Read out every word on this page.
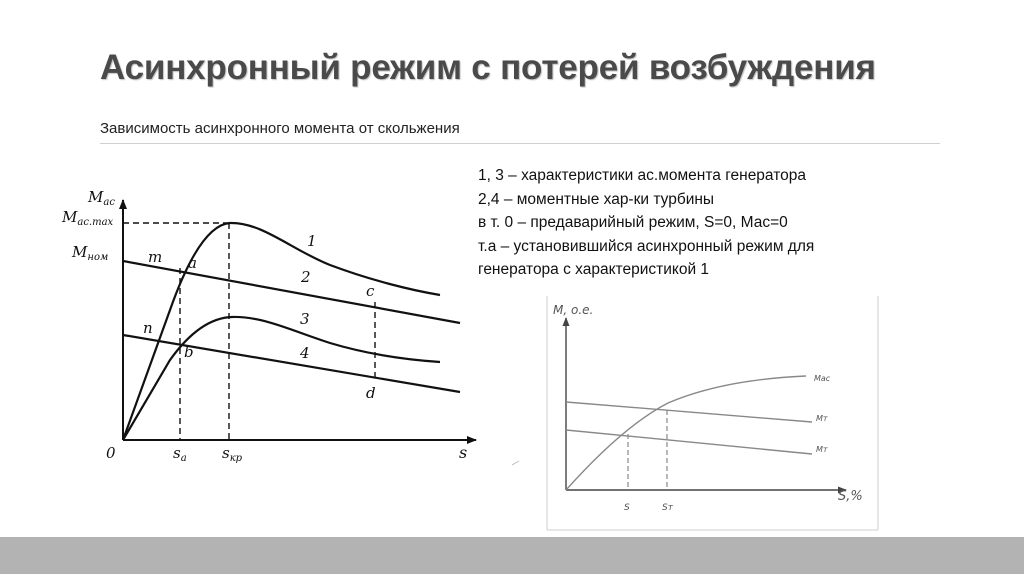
Асинхронный режим с потерей возбуждения
Зависимость асинхронного момента от скольжения
1, 3 – характеристики ас.момента генератора
2,4 – моментные хар-ки турбины
в т. 0 – предаварийный режим, S=0, Мас=0
т.а – установившийся асинхронный режим для
генератора с характеристикой 1
$M_{ас}$
$M_{ас.max}$
$M_{ном}$
0	s
$s_а$ $s_{кр}$
1
2
3
4
m a
n
b
c
d
М, о.е.
S,%
Мас
Мт
Мт
S	Sт
